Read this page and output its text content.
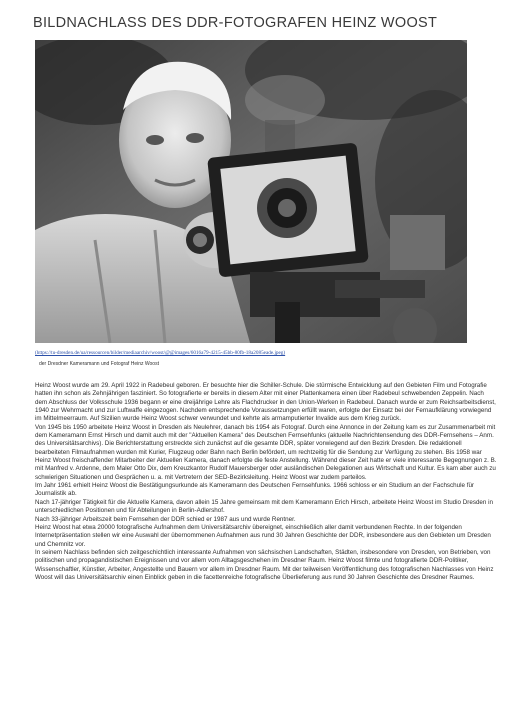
BILDNACHLASS DES DDR-FOTOGRAFEN HEINZ WOOST
(https://tu-dresden.de/ua/ressourcen/bilder/mediaarchiv/woost/@@images/6016a79-4215-45bb-80fb-18a2085eade.jpeg)
der Dresdner Kameramann und Fotograf Heinz Woost

Heinz Woost wurde am 29. April 1922 in Radebeul geboren. Er besuchte hier die Schiller-Schule. Die stürmische Entwicklung auf den Gebieten Film und Fotografie hatten ihn schon als Zehnjährigen fasziniert. So fotografierte er bereits in diesem Alter mit einer Plattenkamera einen über Radebeul schwebenden Zeppelin. Nach dem Abschluss der Volksschule 1936 begann er eine dreijährige Lehre als Flachdrucker in den Union-Werken in Radebeul. Danach wurde er zum Reichsarbeitsdienst, 1940 zur Wehrmacht und zur Luftwaffe eingezogen. Nachdem entsprechende Voraussetzungen erfüllt waren, erfolgte der Einsatz bei der Fernaufklärung vorwiegend im Mittelmeerraum. Auf Sizilien wurde Heinz Woost schwer verwundet und kehrte als armamputierter Invalide aus dem Krieg zurück.

Von 1945 bis 1950 arbeitete Heinz Woost in Dresden als Neulehrer, danach bis 1954 als Fotograf. Durch eine Annonce in der Zeitung kam es zur Zusammenarbeit mit dem Kameramann Ernst Hirsch und damit auch mit der "Aktuellen Kamera" des Deutschen Fernsehfunks (aktuelle Nachrichtensendung des DDR-Fernsehens – Anm. des Universitätsarchivs). Die Berichterstattung erstreckte sich zunächst auf die gesamte DDR, später vorwiegend auf den Bezirk Dresden. Die redaktionell bearbeiteten Filmaufnahmen wurden mit Kurier, Flugzeug oder Bahn nach Berlin befördert, um rechtzeitig für die Sendung zur Verfügung zu stehen. Bis 1958 war Heinz Woost freischaffender Mitarbeiter der Aktuellen Kamera, danach erfolgte die feste Anstellung. Während dieser Zeit hatte er viele interessante Begegnungen z. B. mit Manfred v. Ardenne, dem Maler Otto Dix, dem Kreuzkantor Rudolf Mauersberger oder ausländischen Delegationen aus Wirtschaft und Kultur. Es kam aber auch zu schwierigen Situationen und Gesprächen u. a. mit Vertretern der SED-Bezirksleitung. Heinz Woost war zudem parteilos.

Im Jahr 1961 erhielt Heinz Woost die Bestätigungsurkunde als Kameramann des Deutschen Fernsehfunks. 1966 schloss er ein Studium an der Fachschule für Journalistik ab.

Nach 17-jähriger Tätigkeit für die Aktuelle Kamera, davon allein 15 Jahre gemeinsam mit dem Kameramann Erich Hirsch, arbeitete Heinz Woost im Studio Dresden in unterschiedlichen Positionen und für Abteilungen in Berlin-Adlershof.

Nach 33-jähriger Arbeitszeit beim Fernsehen der DDR schied er 1987 aus und wurde Rentner.

Heinz Woost hat etwa 20000 fotografische Aufnahmen dem Universitätsarchiv übereignet, einschließlich aller damit verbundenen Rechte. In der folgenden Internetpräsentation stellen wir eine Auswahl der übernommenen Aufnahmen aus rund 30 Jahren Geschichte der DDR, insbesondere aus den Gebieten um Dresden und Chemnitz vor.

In seinem Nachlass befinden sich zeitgeschichtlich interessante Aufnahmen von sächsischen Landschaften, Städten, insbesondere von Dresden, von Betrieben, von politischen und propagandistischen Ereignissen und vor allem vom Alltagsgeschehen im Dresdner Raum. Heinz Woost filmte und fotografierte DDR-Politiker, Wissenschaftler, Künstler, Arbeiter, Angestellte und Bauern vor allem im Dresdner Raum. Mit der teilweisen Veröffentlichung des fotografischen Nachlasses von Heinz Woost will das Universitätsarchiv einen Einblick geben in die facettenreiche fotografische Überlieferung aus rund 30 Jahren Geschichte des Dresdner Raumes.
